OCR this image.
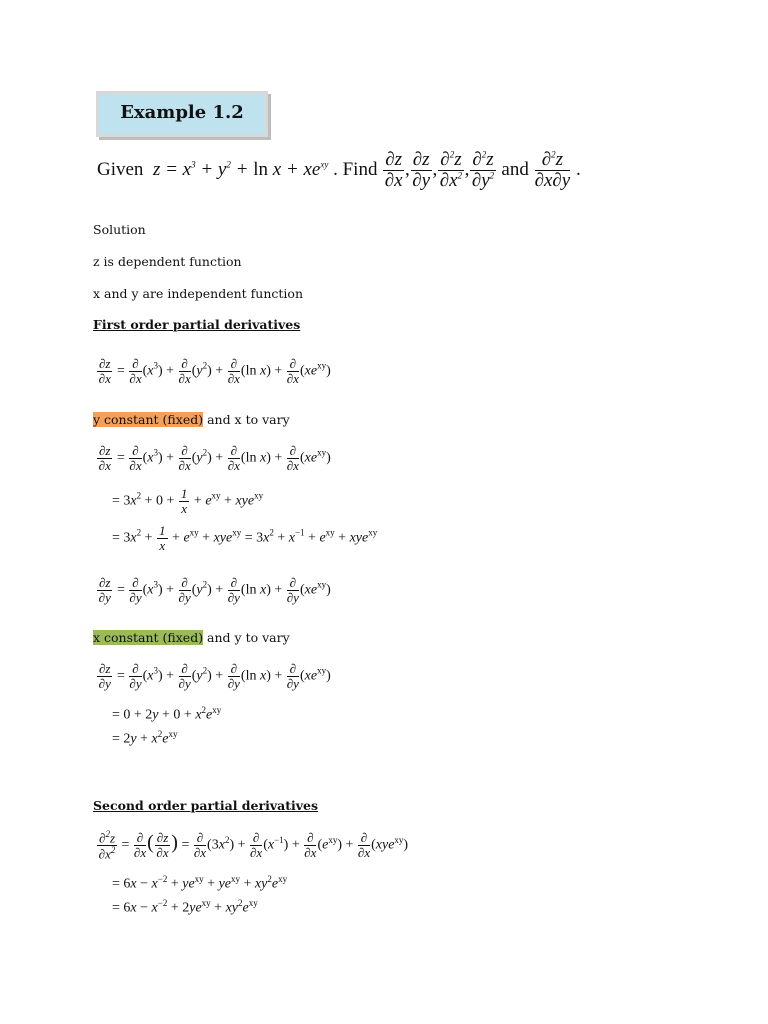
Example 1.2
Given $z = x^3 + y^2 + \ln x + xe^{xy}$ . Find $\frac{\partial z}{\partial x}$ , $\frac{\partial z}{\partial y}$ , $\frac{\partial^2z}{\partial x^2}$ , $\frac{\partial^2z}{\partial y^2}$ and $\frac{\partial^2z}{\partial x\partial y}$ .
Solution
z is dependent function
x and y are independent function
First order partial derivatives
$\frac{\partial z}{\partial x} = \frac{\partial}{\partial x} (x^3) + \frac{\partial}{\partial x} (y^2) + \frac{\partial}{\partial x} (\ln$ $x) + \frac{\partial}{\partial x} (xe^{xy})$
y constant (fixed) and x to vary
$\frac{\partial z}{\partial x} = \frac{\partial}{\partial x} (x^3) + \frac{\partial}{\partial x} (y^2) + \frac{\partial}{\partial x} (\ln$ $x) + \frac{\partial}{\partial x} (xe^{xy})$
= $3x^2 + 0 + \frac{1}{x} + e^{xy} + xye^{xy}$
= $3x^2 + \frac{1}{x} + e^{xy} + xye^{xy} = 3x^2 + x^{-1} + e^{xy} + xye^{xy}$
$\frac{\partial z}{\partial y} = \frac{\partial}{\partial y} (x^3) + \frac{\partial}{\partial y} (y^2) + \frac{\partial}{\partial y} (\ln$ $x) + \frac{\partial}{\partial y} (xe^{xy})$
x constant (fixed) and y to vary
$\frac{\partial z}{\partial y} = \frac{\partial}{\partial y} (x^3) + \frac{\partial}{\partial y} (y^2) + \frac{\partial}{\partial y} (\ln$ $x) + \frac{\partial}{\partial y} (xe^{xy})$
= $0 + 2y + 0 + x^2e^{xy}$
= $2y + x^2e^{xy}$
Second order partial derivatives
$\frac{\partial^2z}{\partial x^2} = \frac{\partial}{\partial x}$ ( $\frac{\partial z}{\partial x}$ ) = $\frac{\partial}{\partial x} (3x^2) + \frac{\partial}{\partial x} (x^{-1}) + \frac{\partial}{\partial x} (e^{xy}) + \frac{\partial}{\partial x} (xye^{xy})$
= $6x - x^{-2} + ye^{xy} + ye^{xy} + xy^2e^{xy}$
= $6x - x^{-2} + 2ye^{xy} + xy^2e^{xy}$
